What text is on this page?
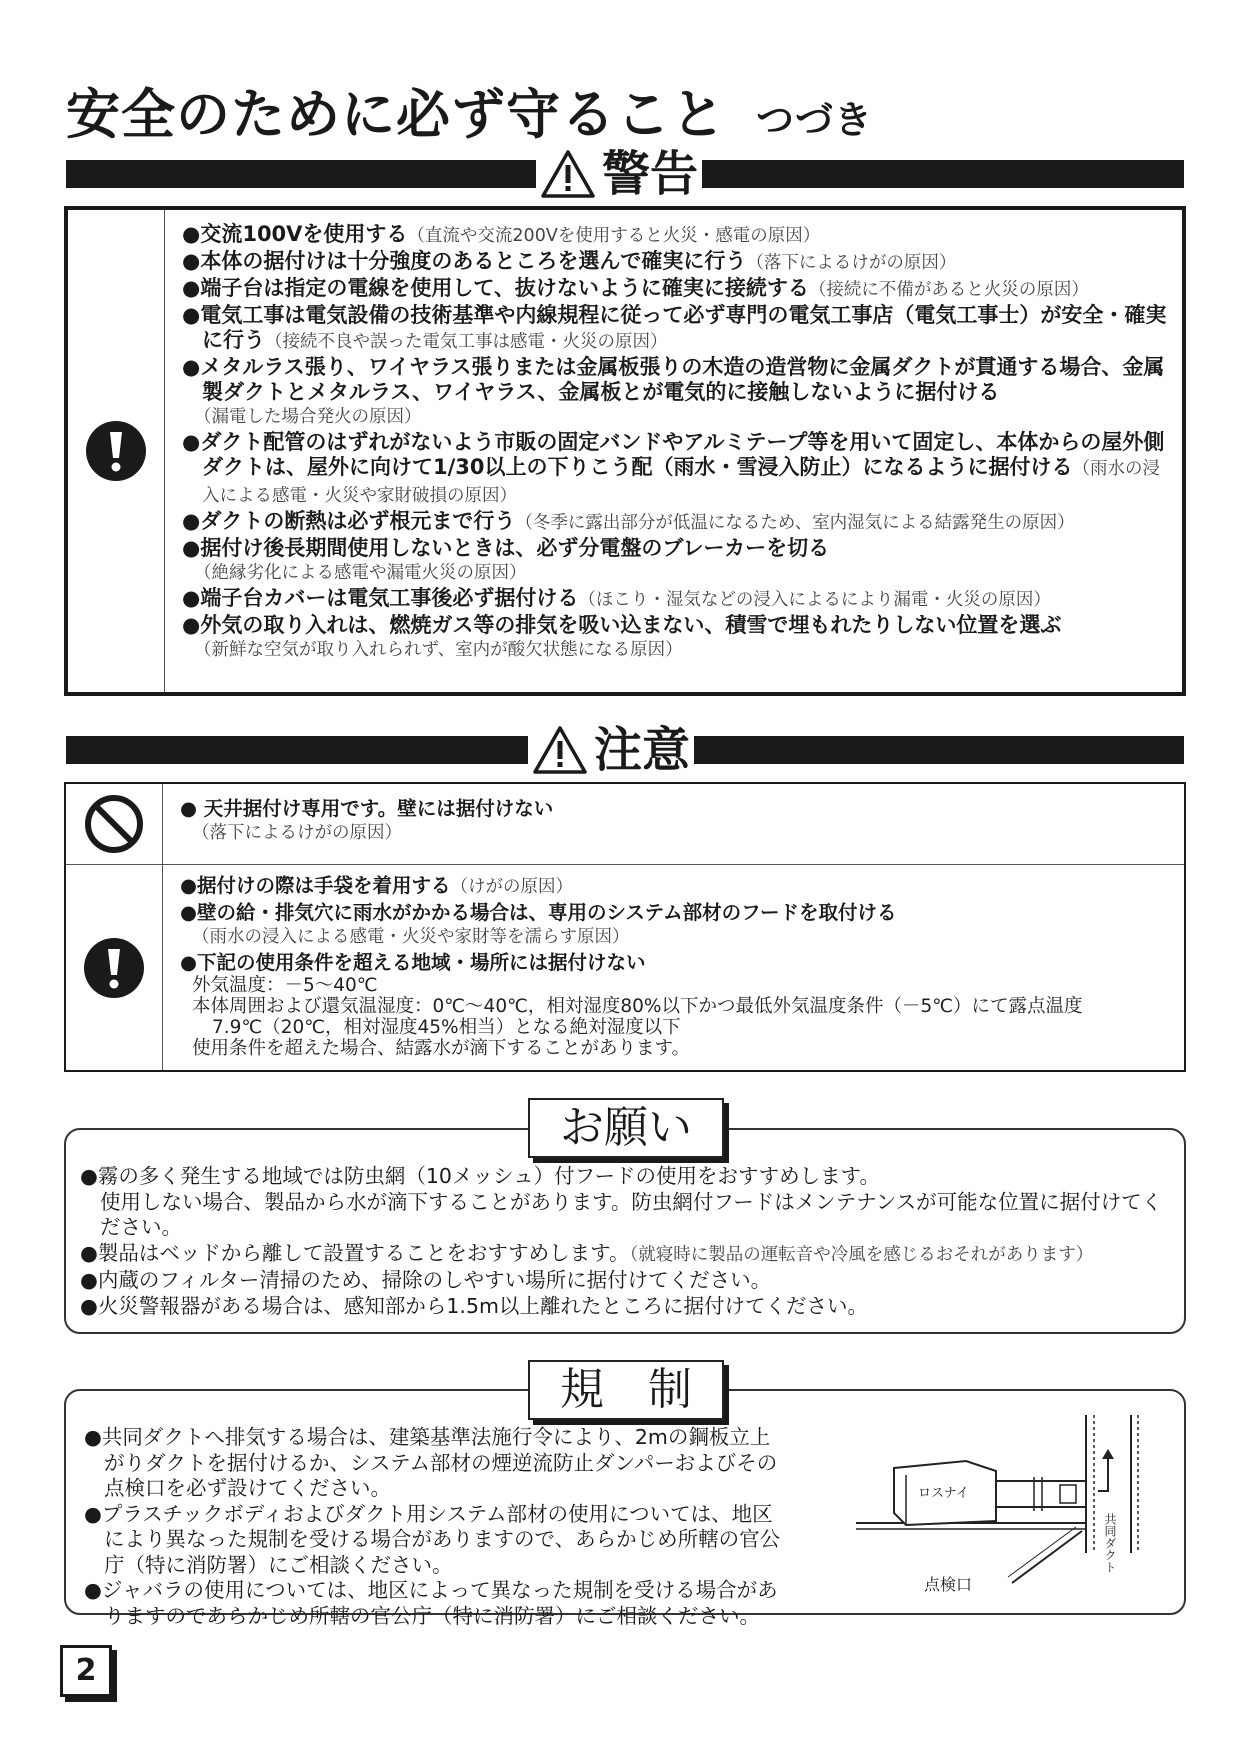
安全のために必ず守ること つづき
警告
●交流100Vを使用する（直流や交流200Vを使用すると火災・感電の原因）
●本体の据付けは十分強度のあるところを選んで確実に行う（落下によるけがの原因）
●端子台は指定の電線を使用して、抜けないように確実に接続する（接続に不備があると火災の原因）
●電気工事は電気設備の技術基準や内線規程に従って必ず専門の電気工事店（電気工事士）が安全・確実に行う（接続不良や誤った電気工事は感電・火災の原因）
●メタルラス張り、ワイヤラス張りまたは金属板張りの木造の造営物に金属ダクトが貫通する場合、金属製ダクトとメタルラス、ワイヤラス、金属板とが電気的に接触しないように据付ける
（漏電した場合発火の原因）
●ダクト配管のはずれがないよう市販の固定バンドやアルミテープ等を用いて固定し、本体からの屋外側ダクトは、屋外に向けて1/30以上の下りこう配（雨水・雪浸入防止）になるように据付ける（雨水の浸入による感電・火災や家財破損の原因）
●ダクトの断熱は必ず根元まで行う（冬季に露出部分が低温になるため、室内湿気による結露発生の原因）
●据付け後長期間使用しないときは、必ず分電盤のブレーカーを切る
（絶縁劣化による感電や漏電火災の原因）
●端子台カバーは電気工事後必ず据付ける（ほこり・湿気などの浸入によるにより漏電・火災の原因）
●外気の取り入れは、燃焼ガス等の排気を吸い込まない、積雪で埋もれたりしない位置を選ぶ
（新鮮な空気が取り入れられず、室内が酸欠状態になる原因）
注意
● 天井据付け専用です。壁には据付けない
（落下によるけがの原因）
●据付けの際は手袋を着用する（けがの原因）
●壁の給・排気穴に雨水がかかる場合は、専用のシステム部材のフードを取付ける
（雨水の浸入による感電・火災や家財等を濡らす原因）
●下記の使用条件を超える地域・場所には据付けない
外気温度：－5～40℃
本体周囲および還気温湿度：0℃～40℃，相対湿度80%以下かつ最低外気温度条件（－5℃）にて露点温度7.9℃（20℃，相対湿度45%相当）となる絶対湿度以下
使用条件を超えた場合、結露水が滴下することがあります。
●霧の多く発生する地域では防虫網（10メッシュ）付フードの使用をおすすめします。
使用しない場合、製品から水が滴下することがあります。防虫網付フードはメンテナンスが可能な位置に据付けてください。
●製品はベッドから離して設置することをおすすめします。（就寝時に製品の運転音や冷風を感じるおそれがあります）
●内蔵のフィルター清掃のため、掃除のしやすい場所に据付けてください。
●火災警報器がある場合は、感知部から1.5m以上離れたところに据付けてください。
お願い
●共同ダクトへ排気する場合は、建築基準法施行令により、2mの鋼板立上がりダクトを据付けるか、システム部材の煙逆流防止ダンパーおよびその点検口を必ず設けてください。
●プラスチックボディおよびダクト用システム部材の使用については、地区により異なった規制を受ける場合がありますので、あらかじめ所轄の官公庁（特に消防署）にご相談ください。
●ジャバラの使用については、地区によって異なった規制を受ける場合がありますのであらかじめ所轄の官公庁（特に消防署）にご相談ください。
ロスナイ
共同ダクト
点検口
規　制
2
